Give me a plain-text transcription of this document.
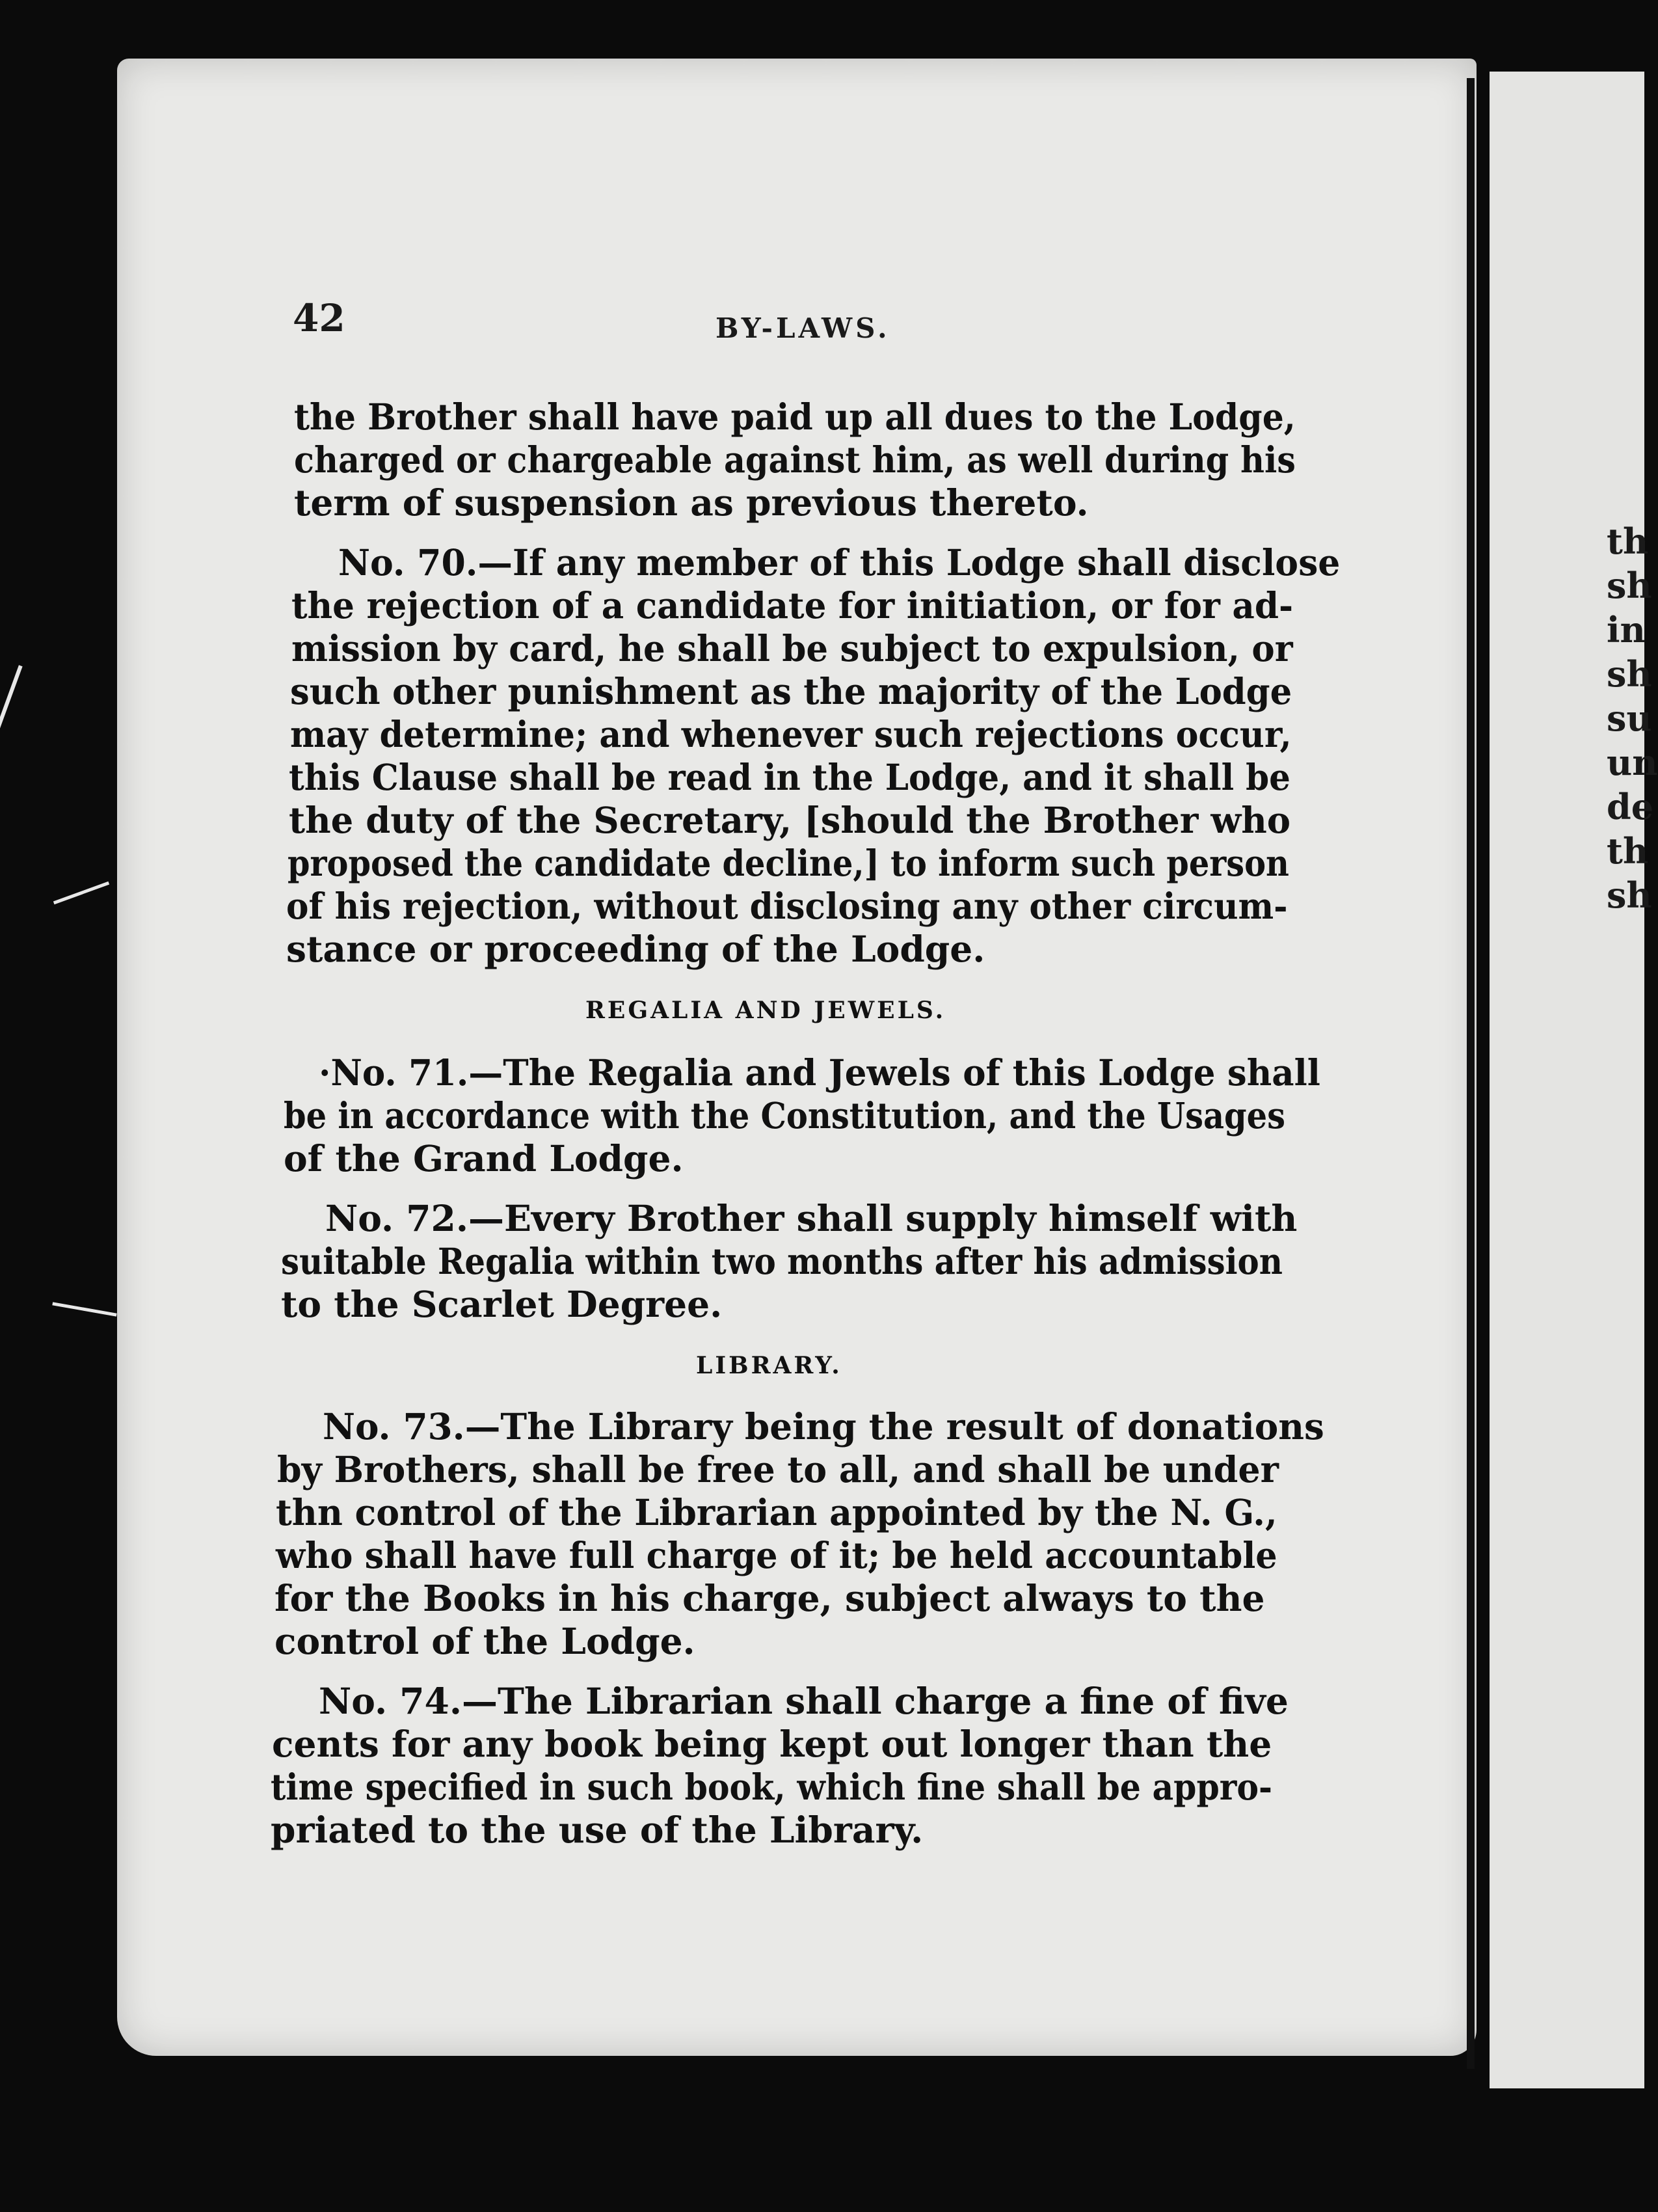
th
sh
in
sh
su
un
de
th
sh
42	BY-LAWS.
the Brother shall have paid up all dues to the Lodge,
charged or chargeable against him, as well during his
term of suspension as previous thereto.
No. 70.—If any member of this Lodge shall disclose
the rejection of a candidate for initiation, or for ad-
mission by card, he shall be subject to expulsion, or
such other punishment as the majority of the Lodge
may determine; and whenever such rejections occur,
this Clause shall be read in the Lodge, and it shall be
the duty of the Secretary, [should the Brother who
proposed the candidate decline,] to inform such person
of his rejection, without disclosing any other circum-
stance or proceeding of the Lodge.
REGALIA AND JEWELS.
·No. 71.—The Regalia and Jewels of this Lodge shall
be in accordance with the Constitution, and the Usages
of the Grand Lodge.
No. 72.—Every Brother shall supply himself with
suitable Regalia within two months after his admission
to the Scarlet Degree.
LIBRARY.
No. 73.—The Library being the result of donations
by Brothers, shall be free to all, and shall be under
thn control of the Librarian appointed by the N. G.,
who shall have full charge of it; be held accountable
for the Books in his charge, subject always to the
control of the Lodge.
No. 74.—The Librarian shall charge a fine of five
cents for any book being kept out longer than the
time specified in such book, which fine shall be appro-
priated to the use of the Library.
